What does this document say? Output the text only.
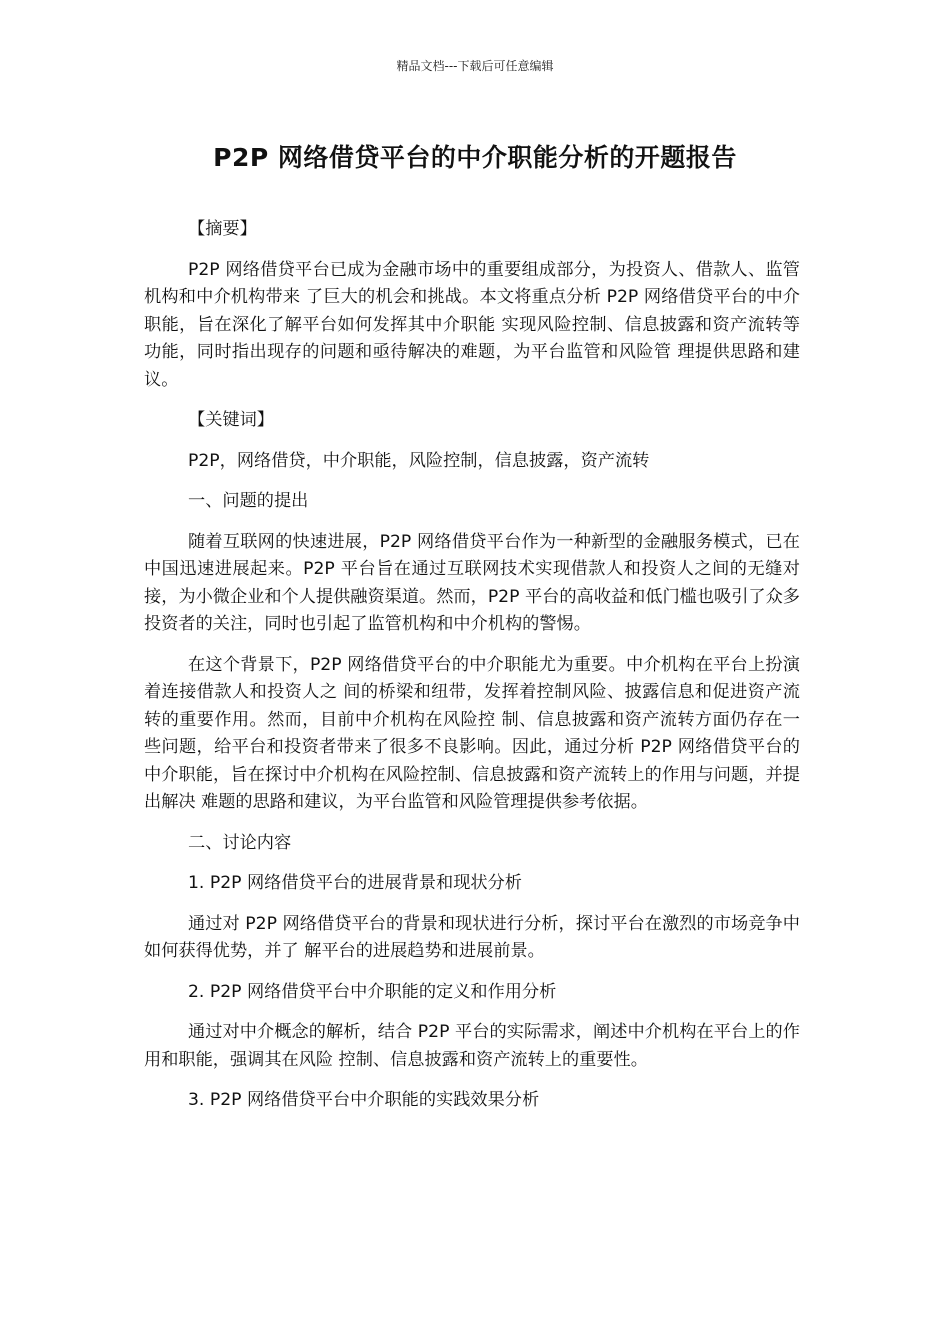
精品文档---下载后可任意编辑
P2P 网络借贷平台的中介职能分析的开题报告

【摘要】

P2P 网络借贷平台已成为金融市场中的重要组成部分，为投资人、借款人、监管机构和中介机构带来 了巨大的机会和挑战。本文将重点分析 P2P 网络借贷平台的中介职能，旨在深化了解平台如何发挥其中介职能 实现风险控制、信息披露和资产流转等功能，同时指出现存的问题和亟待解决的难题，为平台监管和风险管 理提供思路和建议。

【关键词】

P2P，网络借贷，中介职能，风险控制，信息披露，资产流转

一、问题的提出

随着互联网的快速进展，P2P 网络借贷平台作为一种新型的金融服务模式，已在中国迅速进展起来。P2P 平台旨在通过互联网技术实现借款人和投资人之间的无缝对接，为小微企业和个人提供融资渠道。然而，P2P 平台的高收益和低门槛也吸引了众多投资者的关注，同时也引起了监管机构和中介机构的警惕。

在这个背景下，P2P 网络借贷平台的中介职能尤为重要。中介机构在平台上扮演着连接借款人和投资人之 间的桥梁和纽带，发挥着控制风险、披露信息和促进资产流转的重要作用。然而，目前中介机构在风险控 制、信息披露和资产流转方面仍存在一些问题，给平台和投资者带来了很多不良影响。因此，通过分析 P2P 网络借贷平台的中介职能，旨在探讨中介机构在风险控制、信息披露和资产流转上的作用与问题，并提出解决 难题的思路和建议，为平台监管和风险管理提供参考依据。

二、讨论内容

1. P2P 网络借贷平台的进展背景和现状分析

通过对 P2P 网络借贷平台的背景和现状进行分析，探讨平台在激烈的市场竞争中如何获得优势，并了 解平台的进展趋势和进展前景。

2. P2P 网络借贷平台中介职能的定义和作用分析

通过对中介概念的解析，结合 P2P 平台的实际需求，阐述中介机构在平台上的作用和职能，强调其在风险 控制、信息披露和资产流转上的重要性。

3. P2P 网络借贷平台中介职能的实践效果分析
